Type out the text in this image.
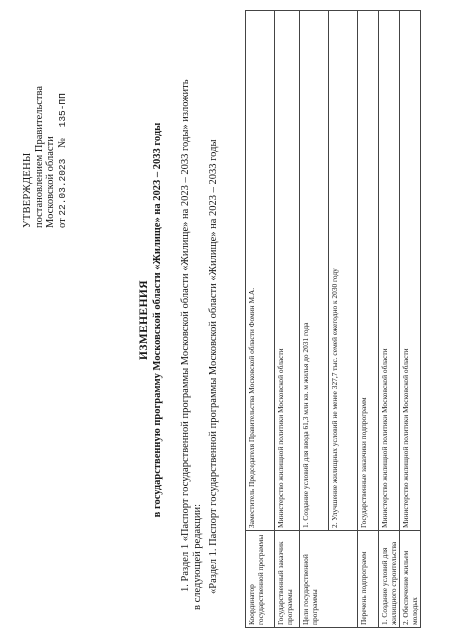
УТВЕРЖДЕНЫ постановлением Правительства Московской области от 22.03.2023 № 135-ПП
ИЗМЕНЕНИЯ в государственную программу Московской области «Жилище» на 2023 – 2033 годы 1. Раздел 1 «Паспорт государственной программы Московской области «Жилище» на 2023 – 2033 годы» изложить в следующей редакции: «Раздел 1. Паспорт государственной программы Московской области «Жилище» на 2023 – 2033 годы
Координатор государственной программы	Заместитель Председателя Правительства Московской области Фомин М.А.
Государственный заказчик программы	Министерство жилищной политики Московской области
Цели государственной программы	1. Создание условий для ввода 61,3 млн кв. м жилья до 2031 года
	2. Улучшение жилищных условий не менее 327,7 тыс. семей ежегодно к 2030 году
Перечень подпрограмм	Государственные заказчики подпрограмм
1. Создание условий для жилищного строительства	Министерство жилищной политики Московской области
2. Обеспечение жильем молодых	Министерство жилищной политики Московской области
